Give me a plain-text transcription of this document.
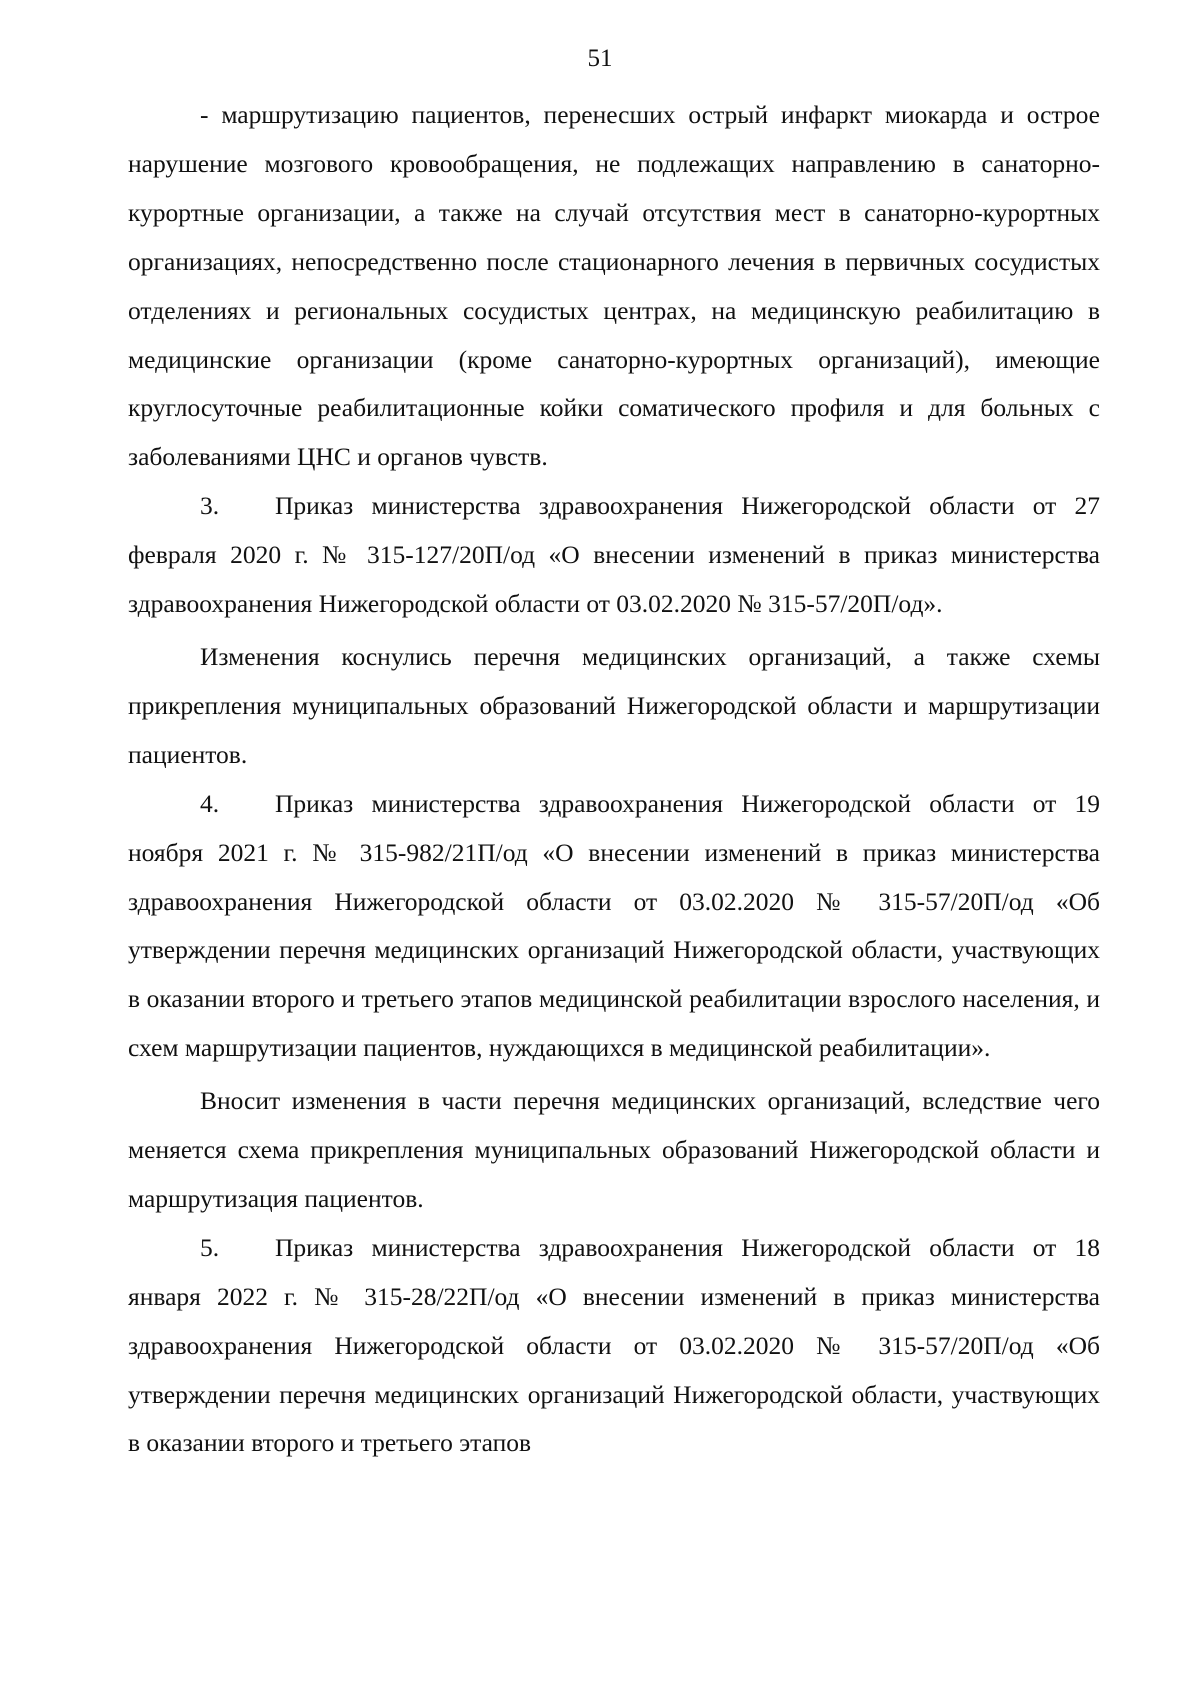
51

- маршрутизацию пациентов, перенесших острый инфаркт миокарда и острое нарушение мозгового кровообращения, не подлежащих направлению в санаторно-курортные организации, а также на случай отсутствия мест в санаторно-курортных организациях, непосредственно после стационарного лечения в первичных сосудистых отделениях и региональных сосудистых центрах, на медицинскую реабилитацию в медицинские организации (кроме санаторно-курортных организаций), имеющие круглосуточные реабилитационные койки соматического профиля и для больных с заболеваниями ЦНС и органов чувств.

3. Приказ министерства здравоохранения Нижегородской области от 27 февраля 2020 г. № 315-127/20П/од «О внесении изменений в приказ министерства здравоохранения Нижегородской области от 03.02.2020 № 315-57/20П/од».

Изменения коснулись перечня медицинских организаций, а также схемы прикрепления муниципальных образований Нижегородской области и маршрутизации пациентов.

4. Приказ министерства здравоохранения Нижегородской области от 19 ноября 2021 г. № 315-982/21П/од «О внесении изменений в приказ министерства здравоохранения Нижегородской области от 03.02.2020 № 315-57/20П/од «Об утверждении перечня медицинских организаций Нижегородской области, участвующих в оказании второго и третьего этапов медицинской реабилитации взрослого населения, и схем маршрутизации пациентов, нуждающихся в медицинской реабилитации».

Вносит изменения в части перечня медицинских организаций, вследствие чего меняется схема прикрепления муниципальных образований Нижегородской области и маршрутизация пациентов.

5. Приказ министерства здравоохранения Нижегородской области от 18 января 2022 г. № 315-28/22П/од «О внесении изменений в приказ министерства здравоохранения Нижегородской области от 03.02.2020 № 315-57/20П/од «Об утверждении перечня медицинских организаций Нижегородской области, участвующих в оказании второго и третьего этапов
